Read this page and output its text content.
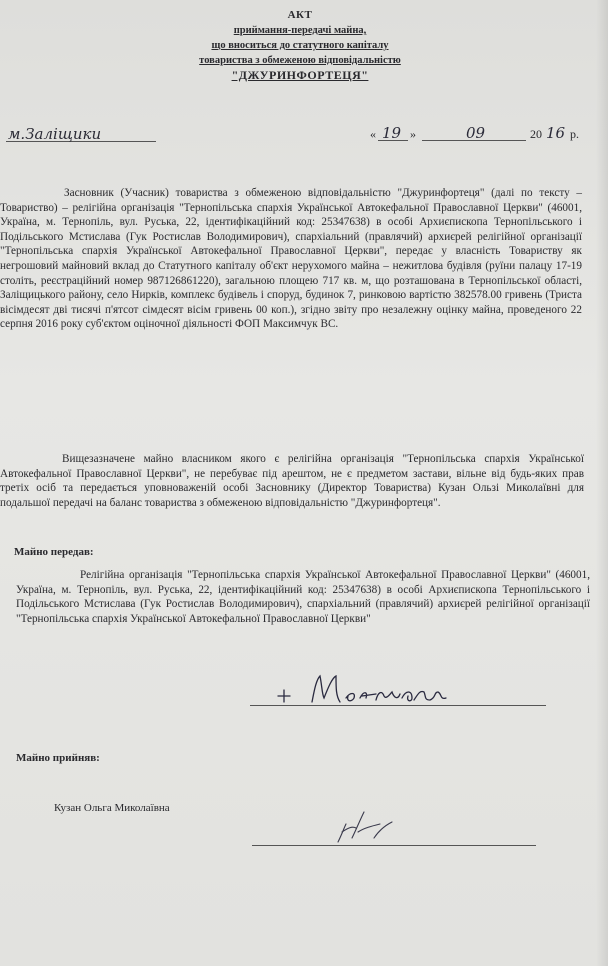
АКТ
приймання-передачі майна,
що вноситься до статутного капіталу
товариства з обмеженою відповідальністю
"ДЖУРИНФОРТЕЦЯ"
м.Заліщики	« 19 »	09	20 16 р.
Засновник (Учасник) товариства з обмеженою відповідальністю "Джуринфортеця" (далі по тексту – Товариство) – релігійна організація "Тернопільська спархія Української Автокефальної Православної Церкви" (46001, Україна, м. Тернопіль, вул. Руська, 22, ідентифікаційний код: 25347638) в особі Архиєпископа Тернопільського і Подільського Мстислава (Гук Ростислав Володимирович), спархіальний (правлячий) архиєрей релігійної організації "Тернопільська спархія Української Автокефальної Православної Церкви", передає у власність Товариству як негрошовий майновий вклад до Статутного капіталу об'єкт нерухомого майна – нежитлова будівля (руїни палацу 17-19 століть, реєстраційний номер 987126861220), загальною площею 717 кв. м, що розташована в Тернопільської області, Заліщицького району, село Нирків, комплекс будівель і споруд, будинок 7, ринковою вартістю 382578.00 гривень (Триста вісімдесят дві тисячі п'ятсот сімдесят вісім гривень 00 коп.), згідно звіту про незалежну оцінку майна, проведеного 22 серпня 2016 року суб'єктом оціночної діяльності ФОП Максимчук ВС.
Вищезазначене майно власником якого є релігійна організація "Тернопільська спархія Української Автокефальної Православної Церкви", не перебуває під арештом, не є предметом застави, вільне від будь-яких прав третіх осіб та передається уповноваженій особі Засновнику (Директор Товариства) Кузан Ользі Миколаївні для подальшої передачі на баланс товариства з обмеженою відповідальністю "Джуринфортеця".
Майно передав:
Релігійна організація "Тернопільська спархія Української Автокефальної Православної Церкви" (46001, Україна, м. Тернопіль, вул. Руська, 22, ідентифікаційний код: 25347638) в особі Архиєпископа Тернопільського і Подільського Мстислава (Гук Ростислав Володимирович), спархіальний (правлячий) архиєрей релігійної організації "Тернопільська спархія Української Автокефальної Православної Церкви"
Майно прийняв:
Кузан Ольга Миколаївна
